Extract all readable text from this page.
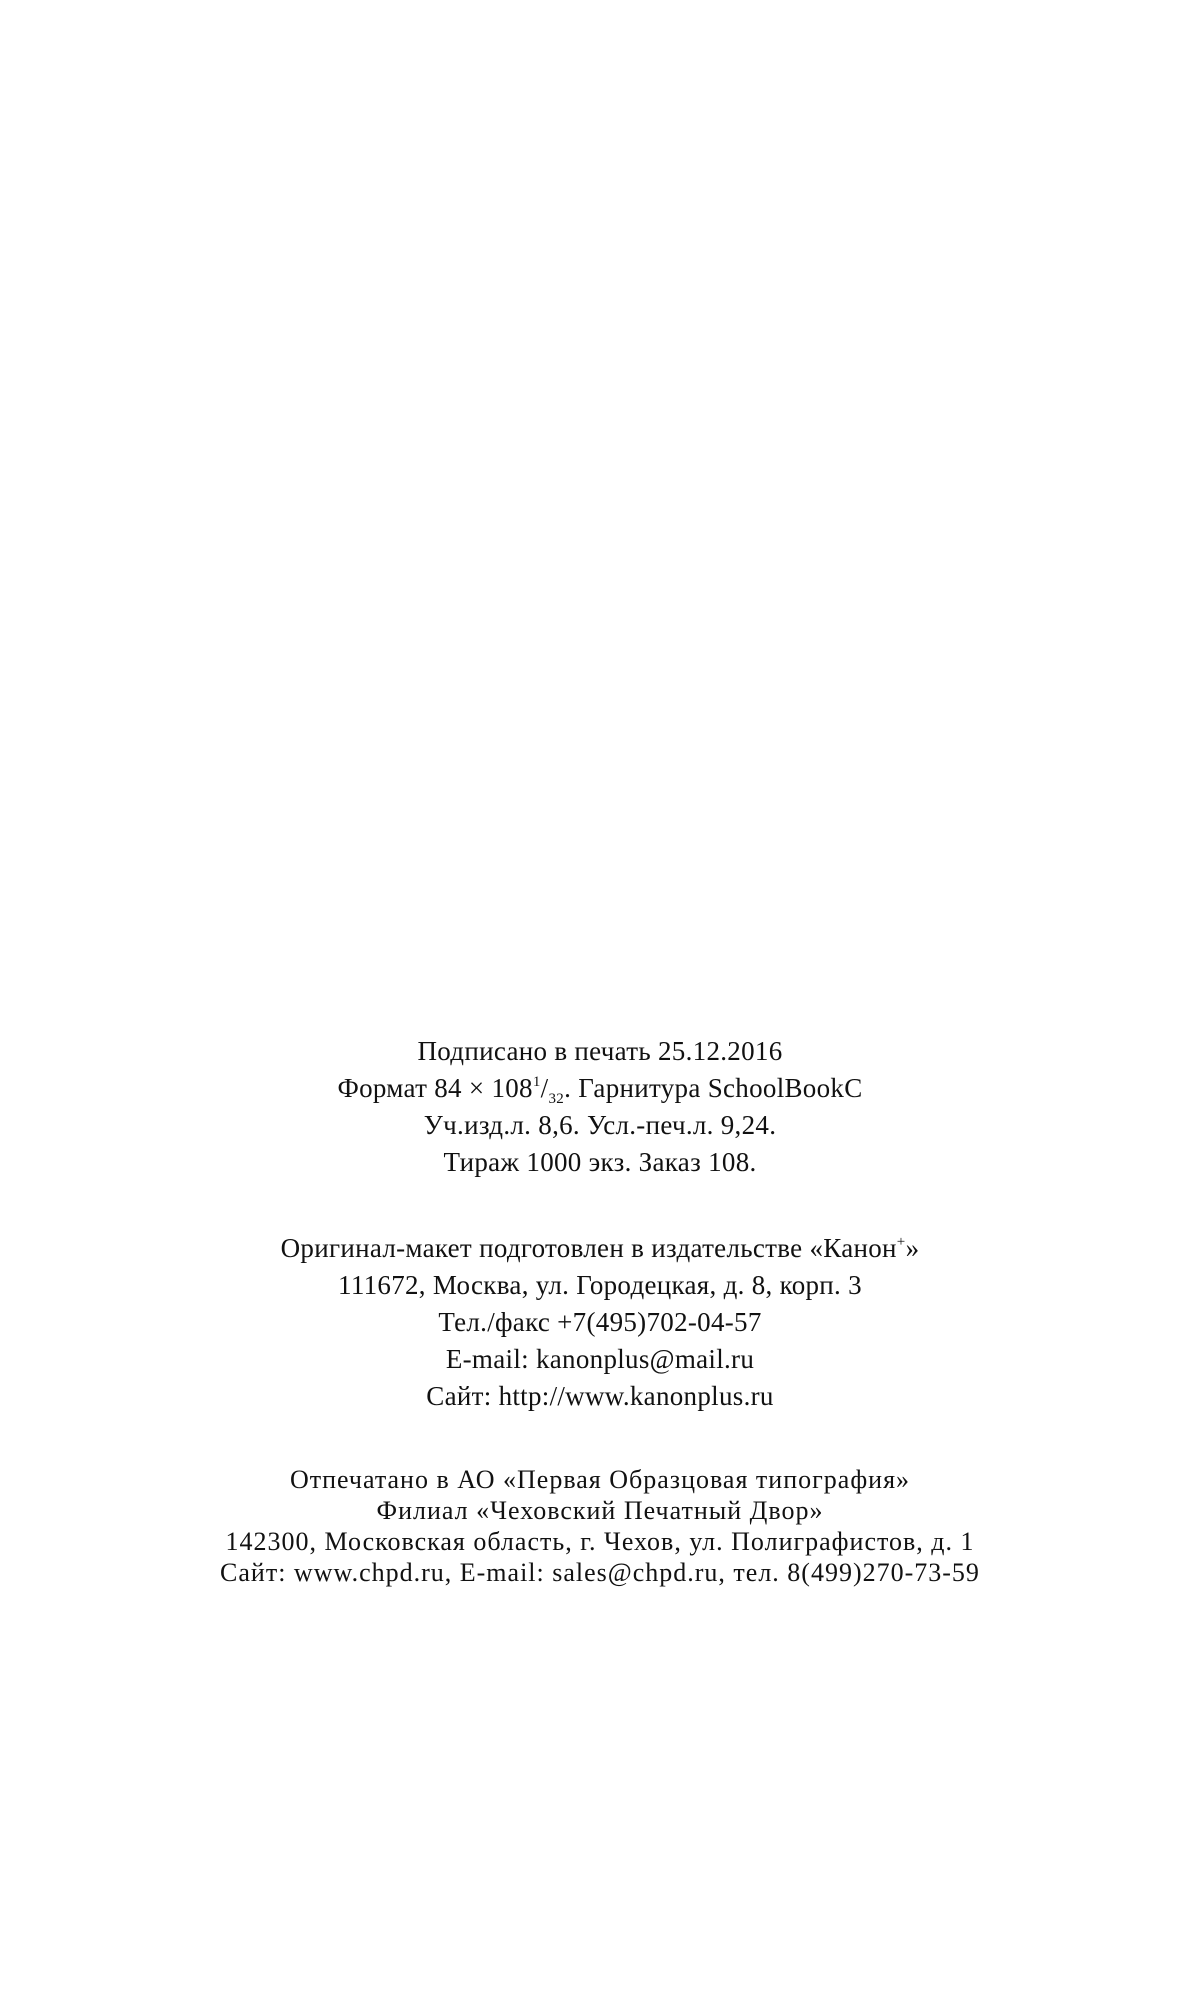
Подписано в печать 25.12.2016
Формат $84 \times 108^1/_{32}$. Гарнитура SchoolBookC
Уч.изд.л. 8,6. Усл.-печ.л. 9,24.
Тираж 1000 экз. Заказ 108.
Оригинал-макет подготовлен в издательстве «Канон+»
111672, Москва, ул. Городецкая, д. 8, корп. 3
Тел./факс +7(495)702-04-57
E-mail: kanonplus@mail.ru
Сайт: http://www.kanonplus.ru
Отпечатано в АО «Первая Образцовая типография»
Филиал «Чеховский Печатный Двор»
142300, Московская область, г. Чехов, ул. Полиграфистов, д. 1
Сайт: www.chpd.ru, E-mail: sales@chpd.ru, тел. 8(499)270-73-59
